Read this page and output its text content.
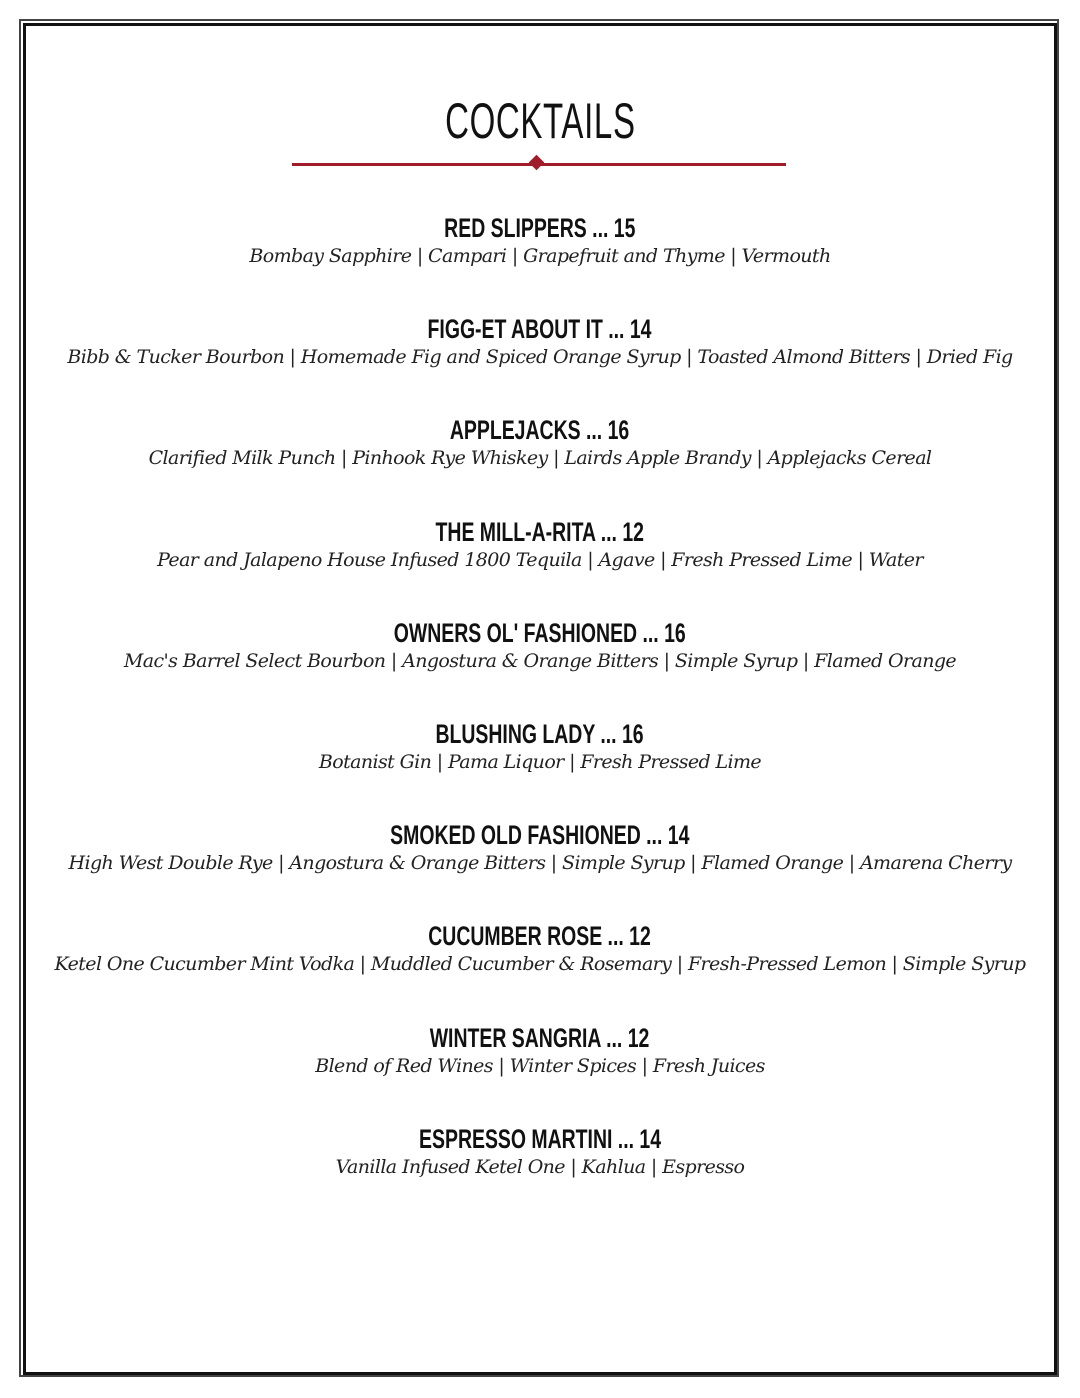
COCKTAILS
RED SLIPPERS ... 15
Bombay Sapphire | Campari | Grapefruit and Thyme | Vermouth
FIGG-ET ABOUT IT ... 14
Bibb & Tucker Bourbon | Homemade Fig and Spiced Orange Syrup | Toasted Almond Bitters | Dried Fig
APPLEJACKS ... 16
Clarified Milk Punch | Pinhook Rye Whiskey | Lairds Apple Brandy | Applejacks Cereal
THE MILL-A-RITA ... 12
Pear and Jalapeno House Infused 1800 Tequila | Agave | Fresh Pressed Lime | Water
OWNERS OL' FASHIONED ... 16
Mac's Barrel Select Bourbon | Angostura & Orange Bitters | Simple Syrup | Flamed Orange
BLUSHING LADY ... 16
Botanist Gin | Pama Liquor | Fresh Pressed Lime
SMOKED OLD FASHIONED ... 14
High West Double Rye | Angostura & Orange Bitters | Simple Syrup | Flamed Orange | Amarena Cherry
CUCUMBER ROSE ... 12
Ketel One Cucumber Mint Vodka | Muddled Cucumber & Rosemary | Fresh-Pressed Lemon | Simple Syrup
WINTER SANGRIA ... 12
Blend of Red Wines | Winter Spices | Fresh Juices
ESPRESSO MARTINI ... 14
Vanilla Infused Ketel One | Kahlua | Espresso
